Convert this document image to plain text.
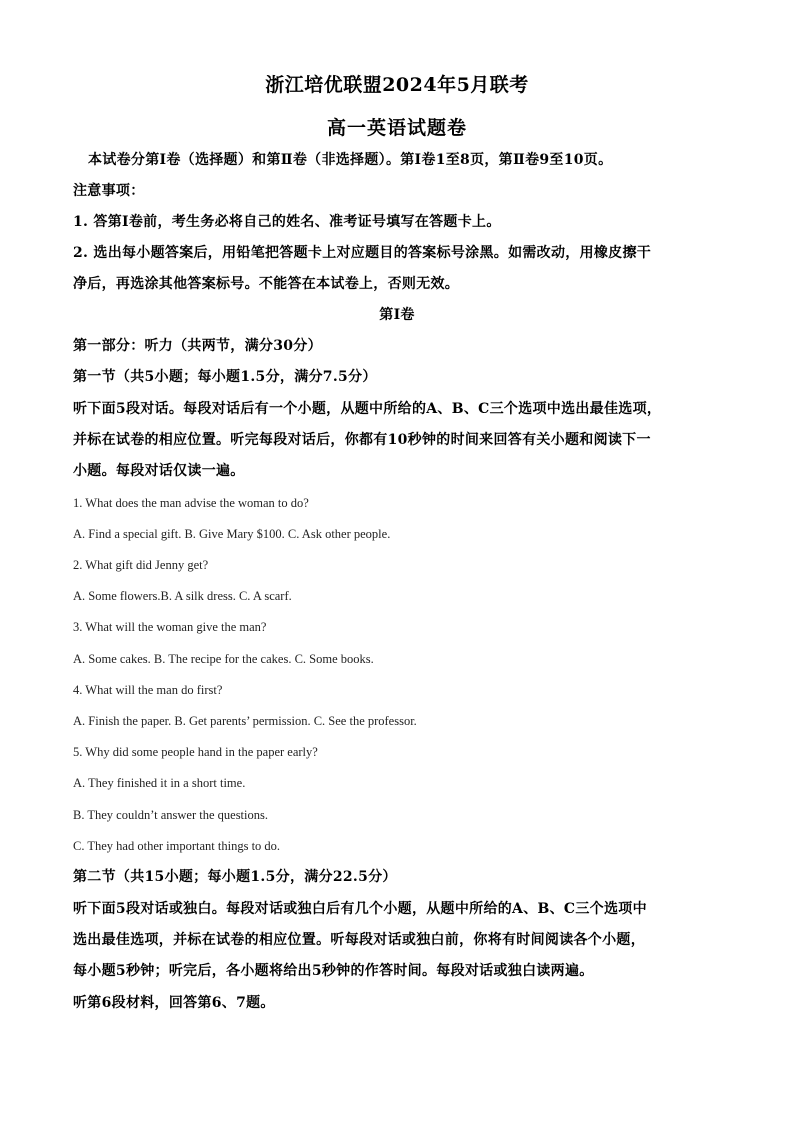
浙江培优联盟2024年5月联考
高一英语试题卷
本试卷分第Ⅰ卷（选择题）和第Ⅱ卷（非选择题）。第Ⅰ卷1至8页，第Ⅱ卷9至10页。
注意事项：
1. 答第Ⅰ卷前，考生务必将自己的姓名、准考证号填写在答题卡上。
2. 选出每小题答案后，用铅笔把答题卡上对应题目的答案标号涂黑。如需改动，用橡皮擦干
净后，再选涂其他答案标号。不能答在本试卷上，否则无效。
第Ⅰ卷
第一部分：听力（共两节，满分30分）
第一节（共5小题；每小题1.5分，满分7.5分）
听下面5段对话。每段对话后有一个小题，从题中所给的A、B、C三个选项中选出最佳选项，
并标在试卷的相应位置。听完每段对话后，你都有10秒钟的时间来回答有关小题和阅读下一
小题。每段对话仅读一遍。
1. What does the man advise the woman to do?
A. Find a special gift. B. Give Mary $100. C. Ask other people.
2. What gift did Jenny get?
A. Some flowers.B. A silk dress. C. A scarf.
3. What will the woman give the man?
A. Some cakes. B. The recipe for the cakes. C. Some books.
4. What will the man do first?
A. Finish the paper. B. Get parents’ permission. C. See the professor.
5. Why did some people hand in the paper early?
A. They finished it in a short time.
B. They couldn’t answer the questions.
C. They had other important things to do.
第二节（共15小题；每小题1.5分，满分22.5分）
听下面5段对话或独白。每段对话或独白后有几个小题，从题中所给的A、B、C三个选项中
选出最佳选项，并标在试卷的相应位置。听每段对话或独白前，你将有时间阅读各个小题，
每小题5秒钟；听完后，各小题将给出5秒钟的作答时间。每段对话或独白读两遍。
听第6段材料，回答第6、7题。
